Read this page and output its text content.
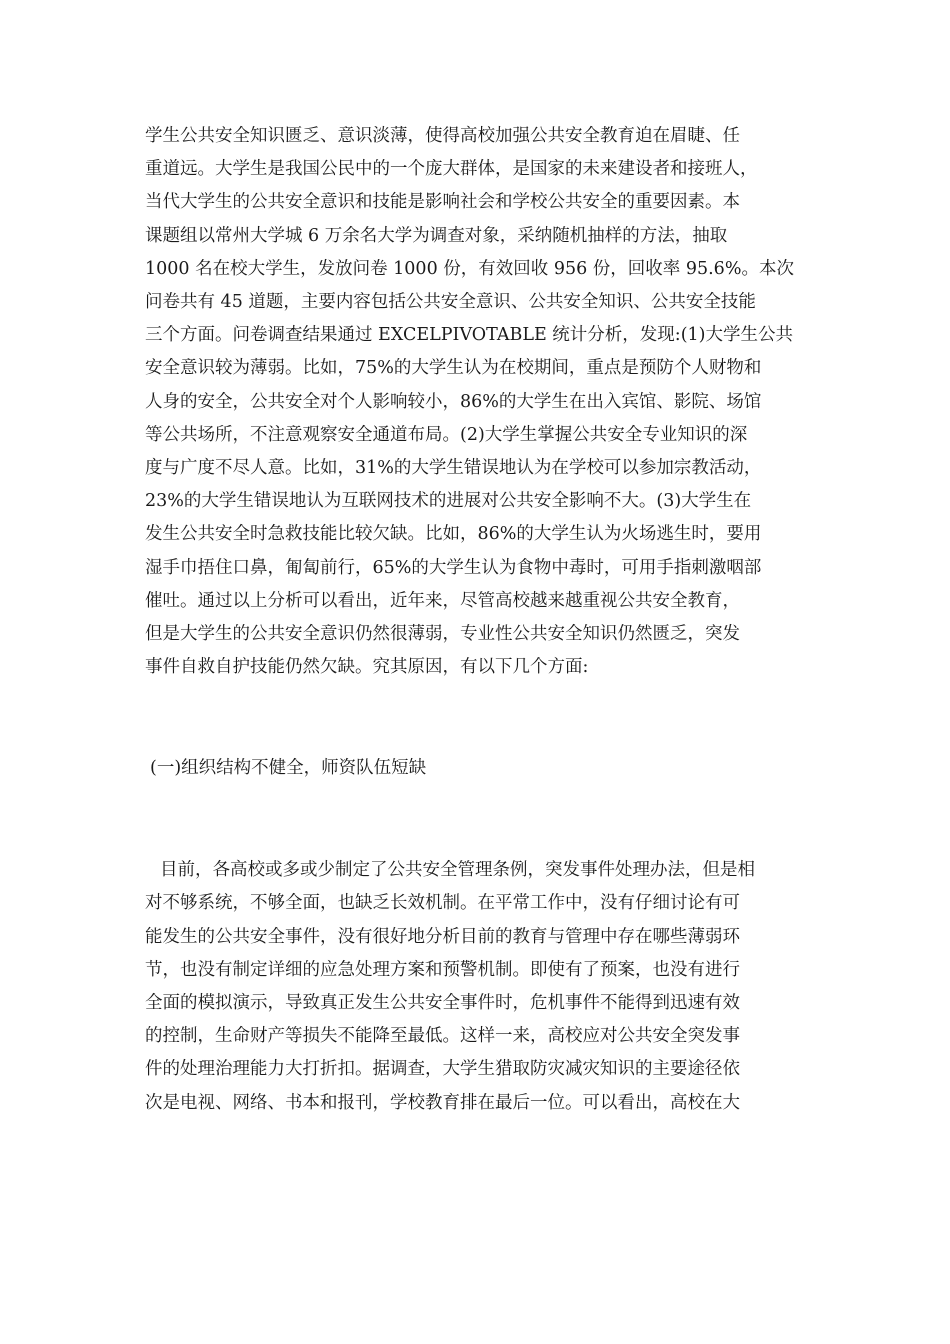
学生公共安全知识匮乏、意识淡薄，使得高校加强公共安全教育迫在眉睫、任
重道远。大学生是我国公民中的一个庞大群体，是国家的未来建设者和接班人，
当代大学生的公共安全意识和技能是影响社会和学校公共安全的重要因素。本
课题组以常州大学城 6 万余名大学为调查对象，采纳随机抽样的方法，抽取
1000 名在校大学生，发放问卷 1000 份，有效回收 956 份，回收率 95.6%。本次
问卷共有 45 道题，主要内容包括公共安全意识、公共安全知识、公共安全技能
三个方面。问卷调查结果通过 EXCELPIVOTABLE 统计分析，发现:(1)大学生公共
安全意识较为薄弱。比如，75%的大学生认为在校期间，重点是预防个人财物和
人身的安全，公共安全对个人影响较小，86%的大学生在出入宾馆、影院、场馆
等公共场所，不注意观察安全通道布局。(2)大学生掌握公共安全专业知识的深
度与广度不尽人意。比如，31%的大学生错误地认为在学校可以参加宗教活动，
23%的大学生错误地认为互联网技术的进展对公共安全影响不大。(3)大学生在
发生公共安全时急救技能比较欠缺。比如，86%的大学生认为火场逃生时，要用
湿手巾捂住口鼻，匍匐前行，65%的大学生认为食物中毒时，可用手指刺激咽部
催吐。通过以上分析可以看出，近年来，尽管高校越来越重视公共安全教育，
但是大学生的公共安全意识仍然很薄弱，专业性公共安全知识仍然匮乏，突发
事件自救自护技能仍然欠缺。究其原因，有以下几个方面:
(一)组织结构不健全，师资队伍短缺
目前，各高校或多或少制定了公共安全管理条例，突发事件处理办法，但是相
对不够系统，不够全面，也缺乏长效机制。在平常工作中，没有仔细讨论有可
能发生的公共安全事件，没有很好地分析目前的教育与管理中存在哪些薄弱环
节，也没有制定详细的应急处理方案和预警机制。即使有了预案，也没有进行
全面的模拟演示，导致真正发生公共安全事件时，危机事件不能得到迅速有效
的控制，生命财产等损失不能降至最低。这样一来，高校应对公共安全突发事
件的处理治理能力大打折扣。据调查，大学生猎取防灾减灾知识的主要途径依
次是电视、网络、书本和报刊，学校教育排在最后一位。可以看出，高校在大
